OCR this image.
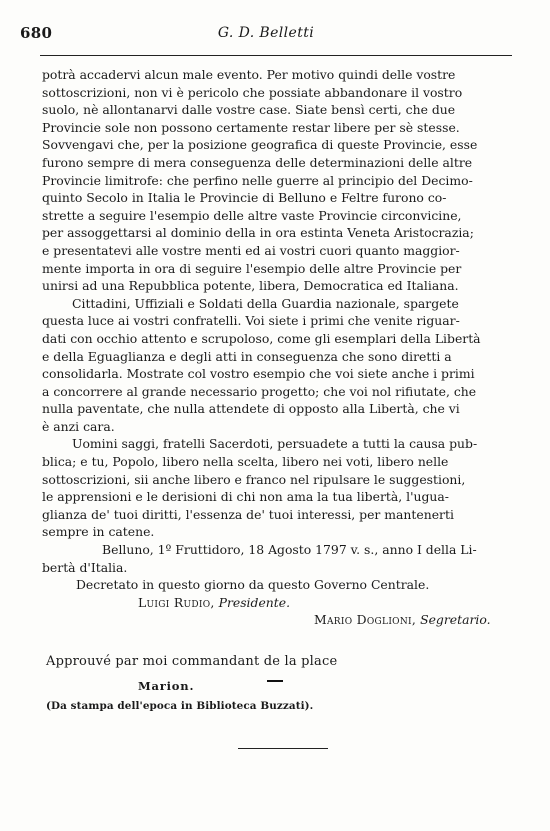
680	G. D. Belletti

potrà accadervi alcun male evento. Per motivo quindi delle vostre
sottoscrizioni, non vi è pericolo che possiate abbandonare il vostro
suolo, nè allontanarvi dalle vostre case. Siate bensì certi, che due
Provincie sole non possono certamente restar libere per sè stesse.
Sovvengavi che, per la posizione geografica di queste Provincie, esse
furono sempre di mera conseguenza delle determinazioni delle altre
Provincie limitrofe: che perfino nelle guerre al principio del Decimo-
quinto Secolo in Italia le Provincie di Belluno e Feltre furono co-
strette a seguire l'esempio delle altre vaste Provincie circonvicine,
per assoggettarsi al dominio della in ora estinta Veneta Aristocrazia;
e presentatevi alle vostre menti ed ai vostri cuori quanto maggior-
mente importa in ora di seguire l'esempio delle altre Provincie per
unirsi ad una Repubblica potente, libera, Democratica ed Italiana.

Cittadini, Uffiziali e Soldati della Guardia nazionale, spargete
questa luce ai vostri confratelli. Voi siete i primi che venite riguar-
dati con occhio attento e scrupoloso, come gli esemplari della Libertà
e della Eguaglianza e degli atti in conseguenza che sono diretti a
consolidarla. Mostrate col vostro esempio che voi siete anche i primi
a concorrere al grande necessario progetto; che voi nol rifiutate, che
nulla paventate, che nulla attendete di opposto alla Libertà, che vi
è anzi cara.

Uomini saggi, fratelli Sacerdoti, persuadete a tutti la causa pub-
blica; e tu, Popolo, libero nella scelta, libero nei voti, libero nelle
sottoscrizioni, sii anche libero e franco nel ripulsare le suggestioni,
le apprensioni e le derisioni di chi non ama la tua libertà, l'ugua-
glianza de' tuoi diritti, l'essenza de' tuoi interessi, per mantenerti
sempre in catene.

Belluno, 1º Fruttidoro, 18 Agosto 1797 v. s., anno I della Li-
bertà d'Italia.

Decretato in questo giorno da questo Governo Centrale.

Luigi Rudio, Presidente.

Mario Doglioni, Segretario.

Approuvé par moi commandant de la place
Marion.
(Da stampa dell'epoca in Biblioteca Buzzati).
